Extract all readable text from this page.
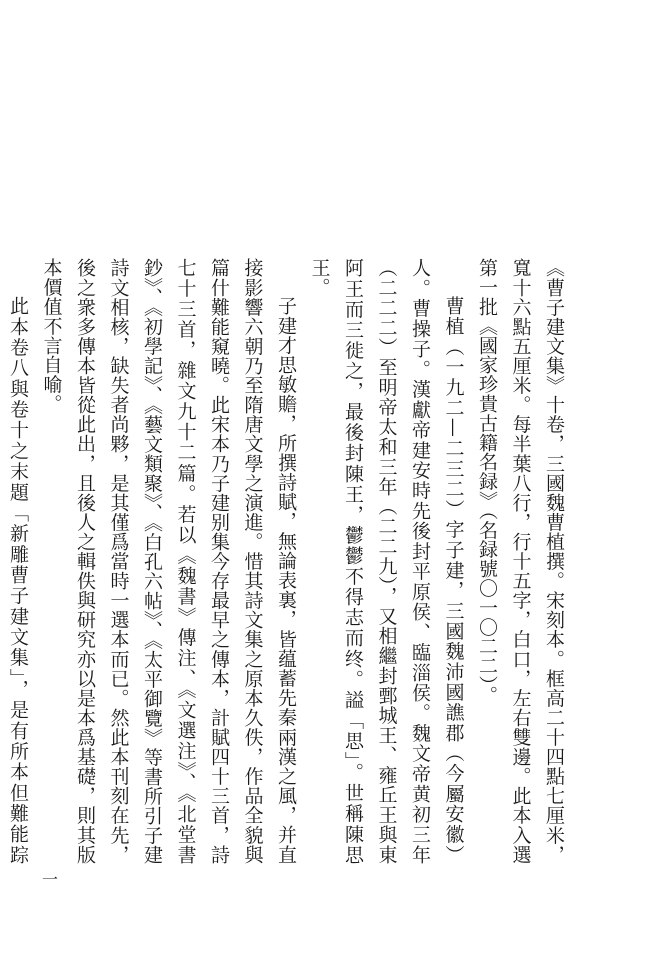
《曹子建文集》十卷，三國魏曹植撰。宋刻本。框高二十四點七厘米，寬十六點五厘米。每半葉八行，行十五字，白口，左右雙邊。此本入選第一批《國家珍貴古籍名録》（名録號〇一〇二二）。

曹植（一九二—二三二）字子建，三國魏沛國譙郡（今屬安徽）人。曹操子。漢獻帝建安時先後封平原侯、臨淄侯。魏文帝黄初三年（二二二）至明帝太和三年（二二九），又相繼封鄄城王、雍丘王與東阿王而三徙之，最後封陳王，鬱鬱不得志而终。謚「思」。世稱陳思王。

子建才思敏贍，所撰詩賦，無論表裏，皆蕴蓄先秦兩漢之風，并直接影響六朝乃至隋唐文學之演進。惜其詩文集之原本久佚，作品全貌與篇什難能窺曉。此宋本乃子建别集今存最早之傳本，計賦四十三首，詩七十三首，雜文九十二篇。若以《魏書》傳注、《文選注》、《北堂書鈔》、《初學記》、《藝文類聚》、《白孔六帖》、《太平御覽》等書所引子建詩文相核，缺失者尚夥，是其僅爲當時一選本而已。然此本刊刻在先，後之衆多傳本皆從此出，且後人之輯佚與研究亦以是本爲基礎，則其版本價值不言自喻。

此本卷八與卷十之末題「新雕曹子建文集」，是有所本但難能踪

一
